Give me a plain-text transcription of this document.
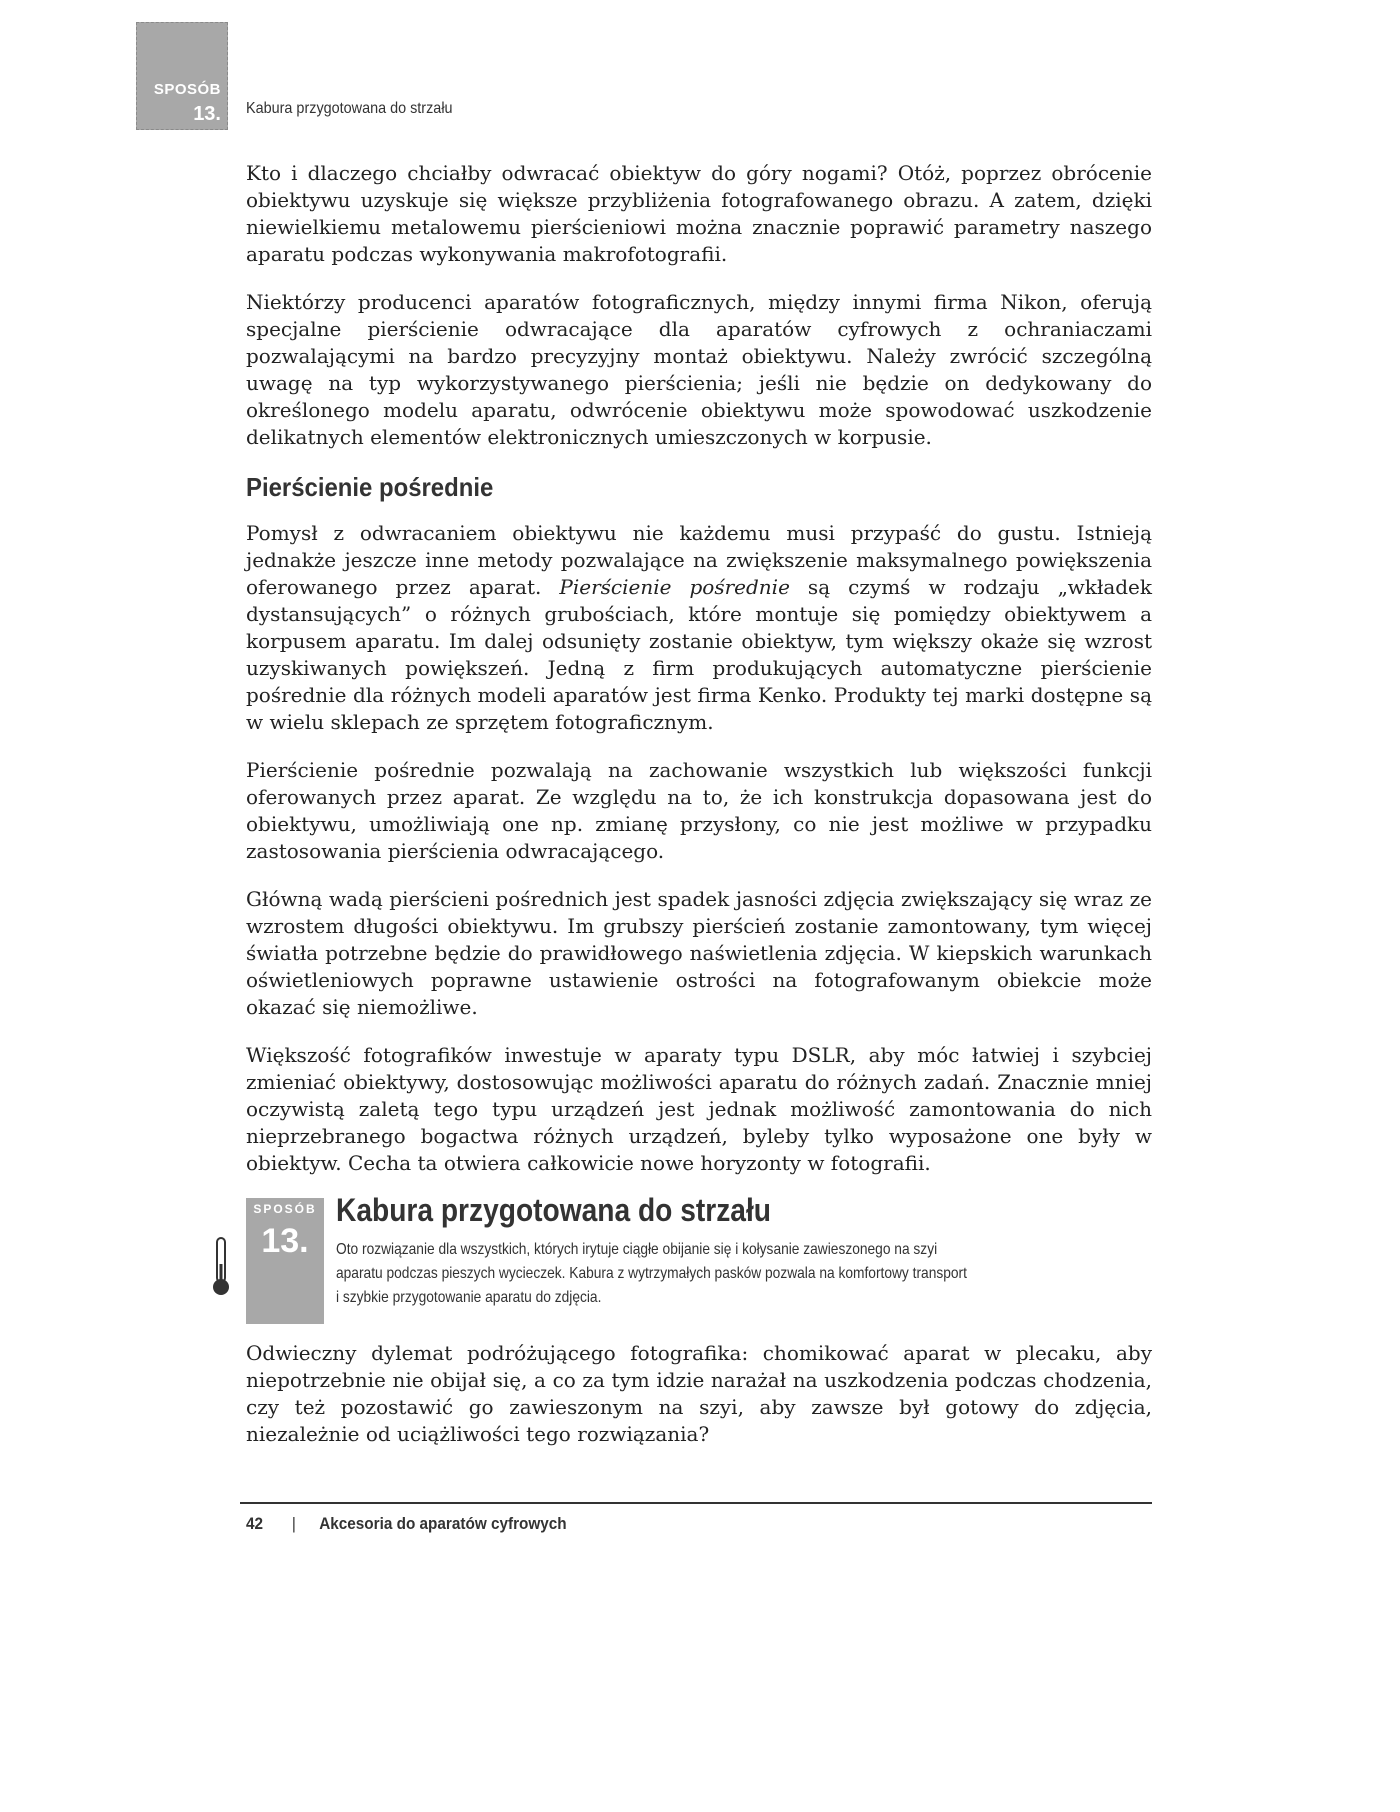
SPOSÓB
13. Kabura przygotowana do strzału

Kto i dlaczego chciałby odwracać obiektyw do góry nogami? Otóż, poprzez obrócenie obiektywu uzyskuje się większe przybliżenia fotografowanego obrazu. A zatem, dzięki niewielkiemu metalowemu pierścieniowi można znacznie poprawić parametry naszego aparatu podczas wykonywania makrofotografii.

Niektórzy producenci aparatów fotograficznych, między innymi firma Nikon, oferują specjalne pierścienie odwracające dla aparatów cyfrowych z ochraniaczami pozwalającymi na bardzo precyzyjny montaż obiektywu. Należy zwrócić szczególną uwagę na typ wykorzystywanego pierścienia; jeśli nie będzie on dedykowany do określonego modelu aparatu, odwrócenie obiektywu może spowodować uszkodzenie delikatnych elementów elektronicznych umieszczonych w korpusie.

Pierścienie pośrednie

Pomysł z odwracaniem obiektywu nie każdemu musi przypaść do gustu. Istnieją jednakże jeszcze inne metody pozwalające na zwiększenie maksymalnego powiększenia oferowanego przez aparat. Pierścienie pośrednie są czymś w rodzaju „wkładek dystansujących” o różnych grubościach, które montuje się pomiędzy obiektywem a korpusem aparatu. Im dalej odsunięty zostanie obiektyw, tym większy okaże się wzrost uzyskiwanych powiększeń. Jedną z firm produkujących automatyczne pierścienie pośrednie dla różnych modeli aparatów jest firma Kenko. Produkty tej marki dostępne są w wielu sklepach ze sprzętem fotograficznym.

Pierścienie pośrednie pozwalają na zachowanie wszystkich lub większości funkcji oferowanych przez aparat. Ze względu na to, że ich konstrukcja dopasowana jest do obiektywu, umożliwiają one np. zmianę przysłony, co nie jest możliwe w przypadku zastosowania pierścienia odwracającego.

Główną wadą pierścieni pośrednich jest spadek jasności zdjęcia zwiększający się wraz ze wzrostem długości obiektywu. Im grubszy pierścień zostanie zamontowany, tym więcej światła potrzebne będzie do prawidłowego naświetlenia zdjęcia. W kiepskich warunkach oświetleniowych poprawne ustawienie ostrości na fotografowanym obiekcie może okazać się niemożliwe.

Większość fotografików inwestuje w aparaty typu DSLR, aby móc łatwiej i szybciej zmieniać obiektywy, dostosowując możliwości aparatu do różnych zadań. Znacznie mniej oczywistą zaletą tego typu urządzeń jest jednak możliwość zamontowania do nich nieprzebranego bogactwa różnych urządzeń, byleby tylko wyposażone one były w obiektyw. Cecha ta otwiera całkowicie nowe horyzonty w fotografii.

SPOSÓB
13.
Kabura przygotowana do strzału
Oto rozwiązanie dla wszystkich, których irytuje ciągłe obijanie się i kołysanie zawieszonego na szyi
aparatu podczas pieszych wycieczek. Kabura z wytrzymałych pasków pozwala na komfortowy transport
i szybkie przygotowanie aparatu do zdjęcia.

Odwieczny dylemat podróżującego fotografika: chomikować aparat w plecaku, aby niepotrzebnie nie obijał się, a co za tym idzie narażał na uszkodzenia podczas chodzenia, czy też pozostawić go zawieszonym na szyi, aby zawsze był gotowy do zdjęcia, niezależnie od uciążliwości tego rozwiązania?

42 | Akcesoria do aparatów cyfrowych
